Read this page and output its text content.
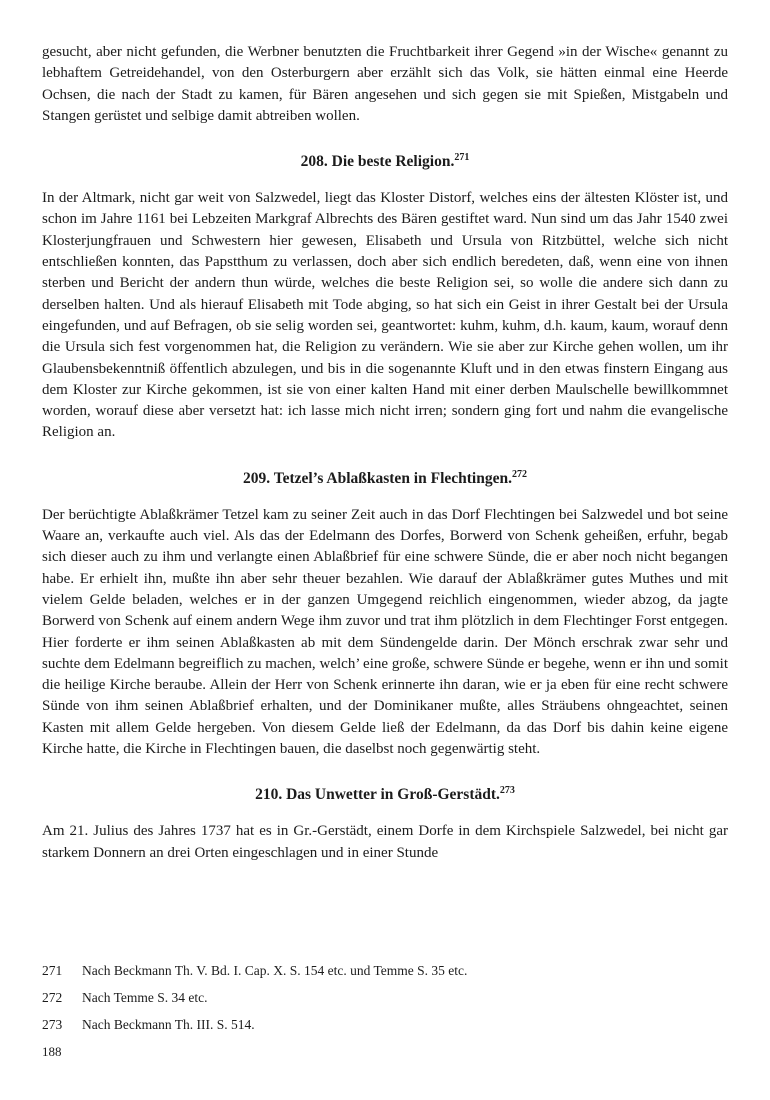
gesucht, aber nicht gefunden, die Werbner benutzten die Fruchtbarkeit ihrer Gegend »in der Wische« genannt zu lebhaftem Getreidehandel, von den Osterburgern aber erzählt sich das Volk, sie hätten einmal eine Heerde Ochsen, die nach der Stadt zu kamen, für Bären angesehen und sich gegen sie mit Spießen, Mistgabeln und Stangen gerüstet und selbige damit abtreiben wollen.

208. Die beste Religion.$^{271}$

In der Altmark, nicht gar weit von Salzwedel, liegt das Kloster Distorf, welches eins der ältesten Klöster ist, und schon im Jahre 1161 bei Lebzeiten Markgraf Albrechts des Bären gestiftet ward. Nun sind um das Jahr 1540 zwei Klosterjungfrauen und Schwestern hier gewesen, Elisabeth und Ursula von Ritzbüttel, welche sich nicht entschließen konnten, das Papstthum zu verlassen, doch aber sich endlich beredeten, daß, wenn eine von ihnen sterben und Bericht der andern thun würde, welches die beste Religion sei, so wolle die andere sich dann zu derselben halten. Und als hierauf Elisabeth mit Tode abging, so hat sich ein Geist in ihrer Gestalt bei der Ursula eingefunden, und auf Befragen, ob sie selig worden sei, geantwortet: kuhm, kuhm, d.h. kaum, kaum, worauf denn die Ursula sich fest vorgenommen hat, die Religion zu verändern. Wie sie aber zur Kirche gehen wollen, um ihr Glaubensbekenntniß öffentlich abzulegen, und bis in die sogenannte Kluft und in den etwas finstern Eingang aus dem Kloster zur Kirche gekommen, ist sie von einer kalten Hand mit einer derben Maulschelle bewillkommnet worden, worauf diese aber versetzt hat: ich lasse mich nicht irren; sondern ging fort und nahm die evangelische Religion an.

209. Tetzel’s Ablaßkasten in Flechtingen.$^{272}$

Der berüchtigte Ablaßkrämer Tetzel kam zu seiner Zeit auch in das Dorf Flechtingen bei Salzwedel und bot seine Waare an, verkaufte auch viel. Als das der Edelmann des Dorfes, Borwerd von Schenk geheißen, erfuhr, begab sich dieser auch zu ihm und verlangte einen Ablaßbrief für eine schwere Sünde, die er aber noch nicht begangen habe. Er erhielt ihn, mußte ihn aber sehr theuer bezahlen. Wie darauf der Ablaßkrämer gutes Muthes und mit vielem Gelde beladen, welches er in der ganzen Umgegend reichlich eingenommen, wieder abzog, da jagte Borwerd von Schenk auf einem andern Wege ihm zuvor und trat ihm plötzlich in dem Flechtinger Forst entgegen. Hier forderte er ihm seinen Ablaßkasten ab mit dem Sündengelde darin. Der Mönch erschrak zwar sehr und suchte dem Edelmann begreiflich zu machen, welch’ eine große, schwere Sünde er begehe, wenn er ihn und somit die heilige Kirche beraube. Allein der Herr von Schenk erinnerte ihn daran, wie er ja eben für eine recht schwere Sünde von ihm seinen Ablaßbrief erhalten, und der Dominikaner mußte, alles Sträubens ohngeachtet, seinen Kasten mit allem Gelde hergeben. Von diesem Gelde ließ der Edelmann, da das Dorf bis dahin keine eigene Kirche hatte, die Kirche in Flechtingen bauen, die daselbst noch gegenwärtig steht.

210. Das Unwetter in Groß-Gerstädt.$^{273}$

Am 21. Julius des Jahres 1737 hat es in Gr.-Gerstädt, einem Dorfe in dem Kirchspiele Salzwedel, bei nicht gar starkem Donnern an drei Orten eingeschlagen und in einer Stunde

271	Nach Beckmann Th. V. Bd. I. Cap. X. S. 154 etc. und Temme S. 35 etc.
272	Nach Temme S. 34 etc.
273	Nach Beckmann Th. III. S. 514.
188
